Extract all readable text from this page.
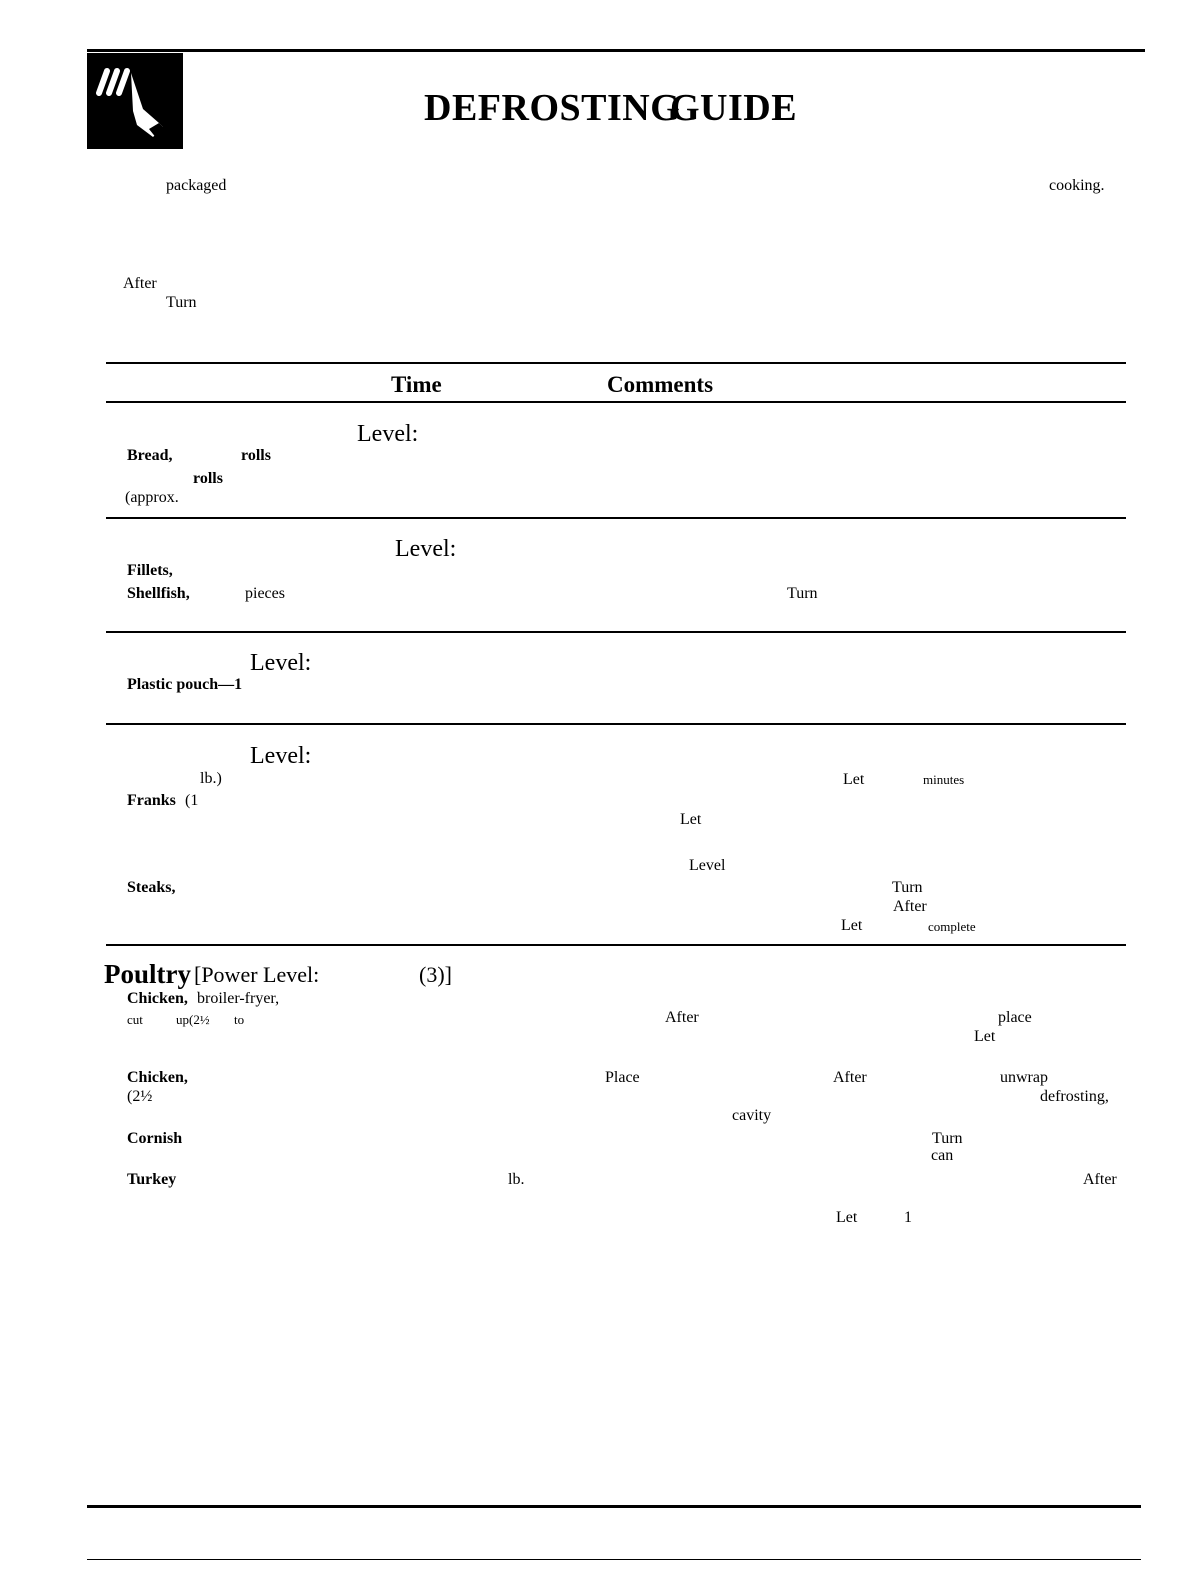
DEFROSTING
GUIDE
packaged	cooking.
After
Turn
Time	Comments
Level:
Bread,	rolls
rolls
(approx.
Level:
Fillets,
Shellfish,	pieces	Turn
Level:
Plastic pouch—1
Level:
lb.)	Let	minutes
Franks (1
Let
Level
Steaks,	Turn
After
Let	complete
Poultry [Power Level:	(3)]
Chicken, broiler-fryer,
cut	up(2½ to	After	place
Let
Chicken,	Place	After	unwrap
(2½	defrosting,
cavity
Cornish	Turn
can
Turkey	lb.	After
Let	1
